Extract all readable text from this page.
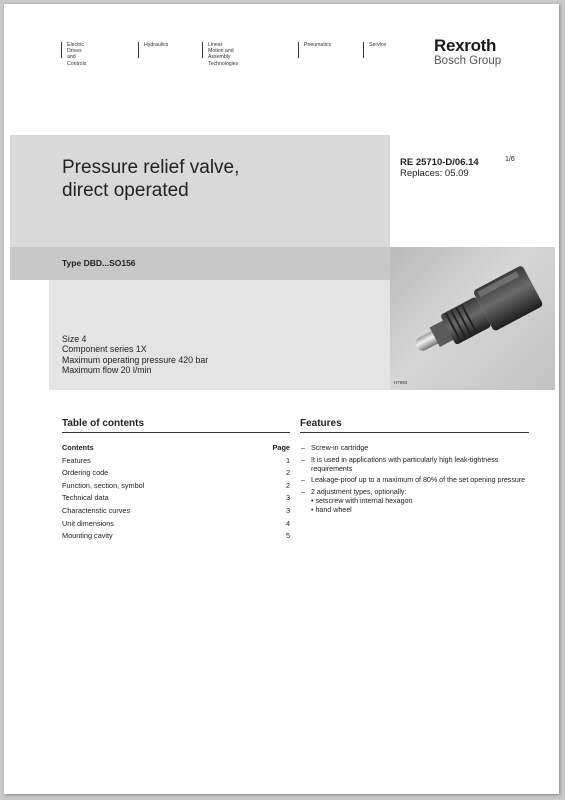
Electric Drives
and Controls
Hydraulics	Linear Motion and
Assembly Technologies
Pneumatics	Service	Rexroth
Bosch Group
Pressure relief valve,
direct operated
RE 25710-D/06.14
Replaces: 05.09
1/6
Type DBD...SO156
Size 4
Component series 1X
Maximum operating pressure 420 bar
Maximum flow 20 l/min
H7692
Table of contents
Contents	Page
Features	1
Ordering code	2
Function, section, symbol	2
Technical data	3
Characteristic curves	3
Unit dimensions	4
Mounting cavity	5
Features
– Screw-in cartridge
– It is used in applications with particularly high leak-tightness requirements
– Leakage-proof up to a maximum of 80% of the set opening pressure
– 2 adjustment types, optionally:
• setscrew with internal hexagon
• hand wheel
